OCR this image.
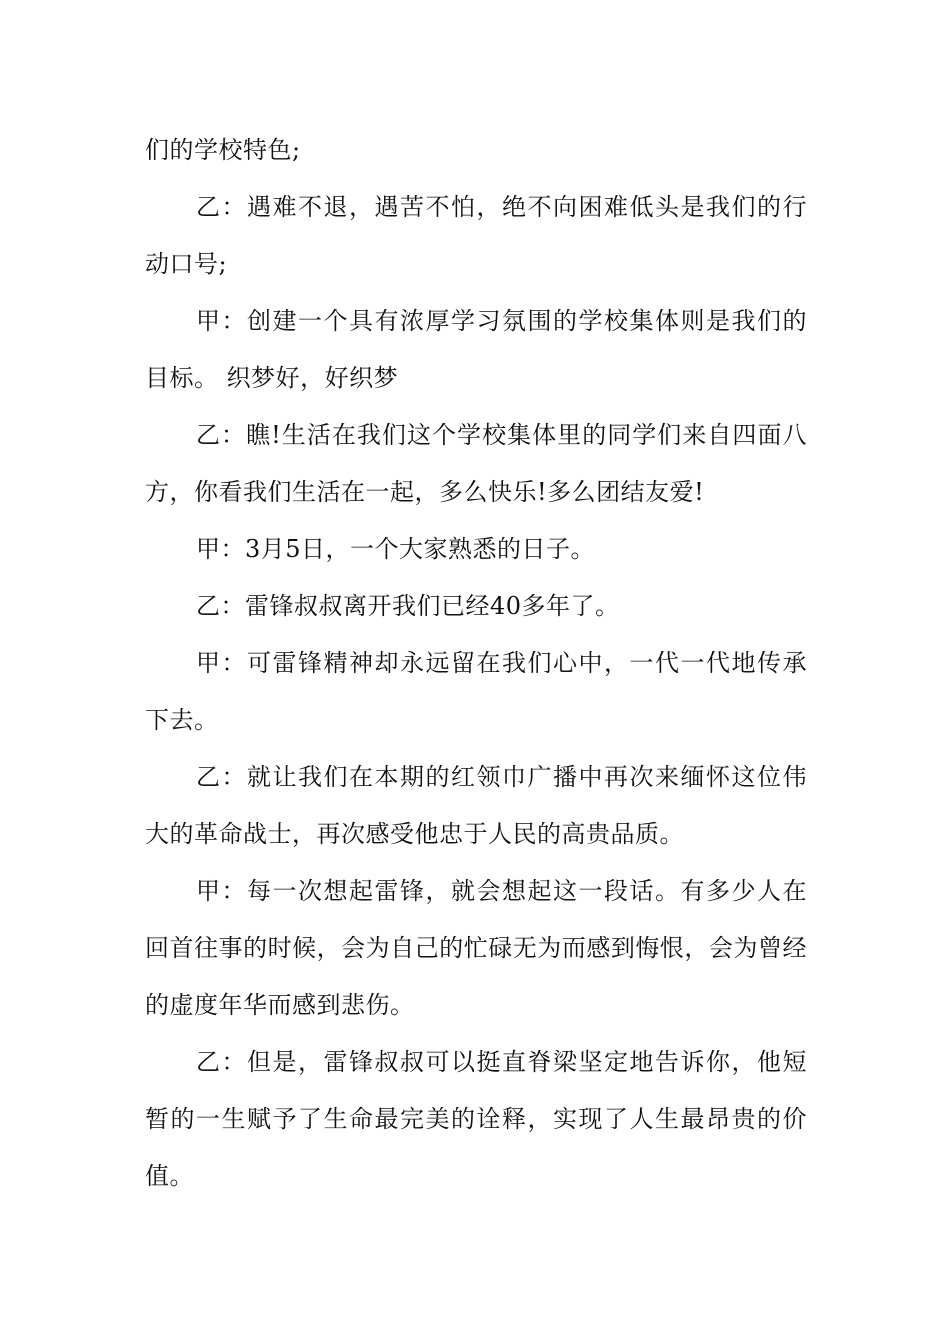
们的学校特色;

乙：遇难不退，遇苦不怕，绝不向困难低头是我们的行动口号;

甲：创建一个具有浓厚学习氛围的学校集体则是我们的目标。 织梦好，好织梦

乙：瞧!生活在我们这个学校集体里的同学们来自四面八方，你看我们生活在一起，多么快乐!多么团结友爱!

甲：3月5日，一个大家熟悉的日子。

乙：雷锋叔叔离开我们已经40多年了。

甲：可雷锋精神却永远留在我们心中，一代一代地传承下去。

乙：就让我们在本期的红领巾广播中再次来缅怀这位伟大的革命战士，再次感受他忠于人民的高贵品质。

甲：每一次想起雷锋，就会想起这一段话。有多少人在回首往事的时候，会为自己的忙碌无为而感到悔恨，会为曾经的虚度年华而感到悲伤。

乙：但是，雷锋叔叔可以挺直脊梁坚定地告诉你，他短暂的一生赋予了生命最完美的诠释，实现了人生最昂贵的价值。
